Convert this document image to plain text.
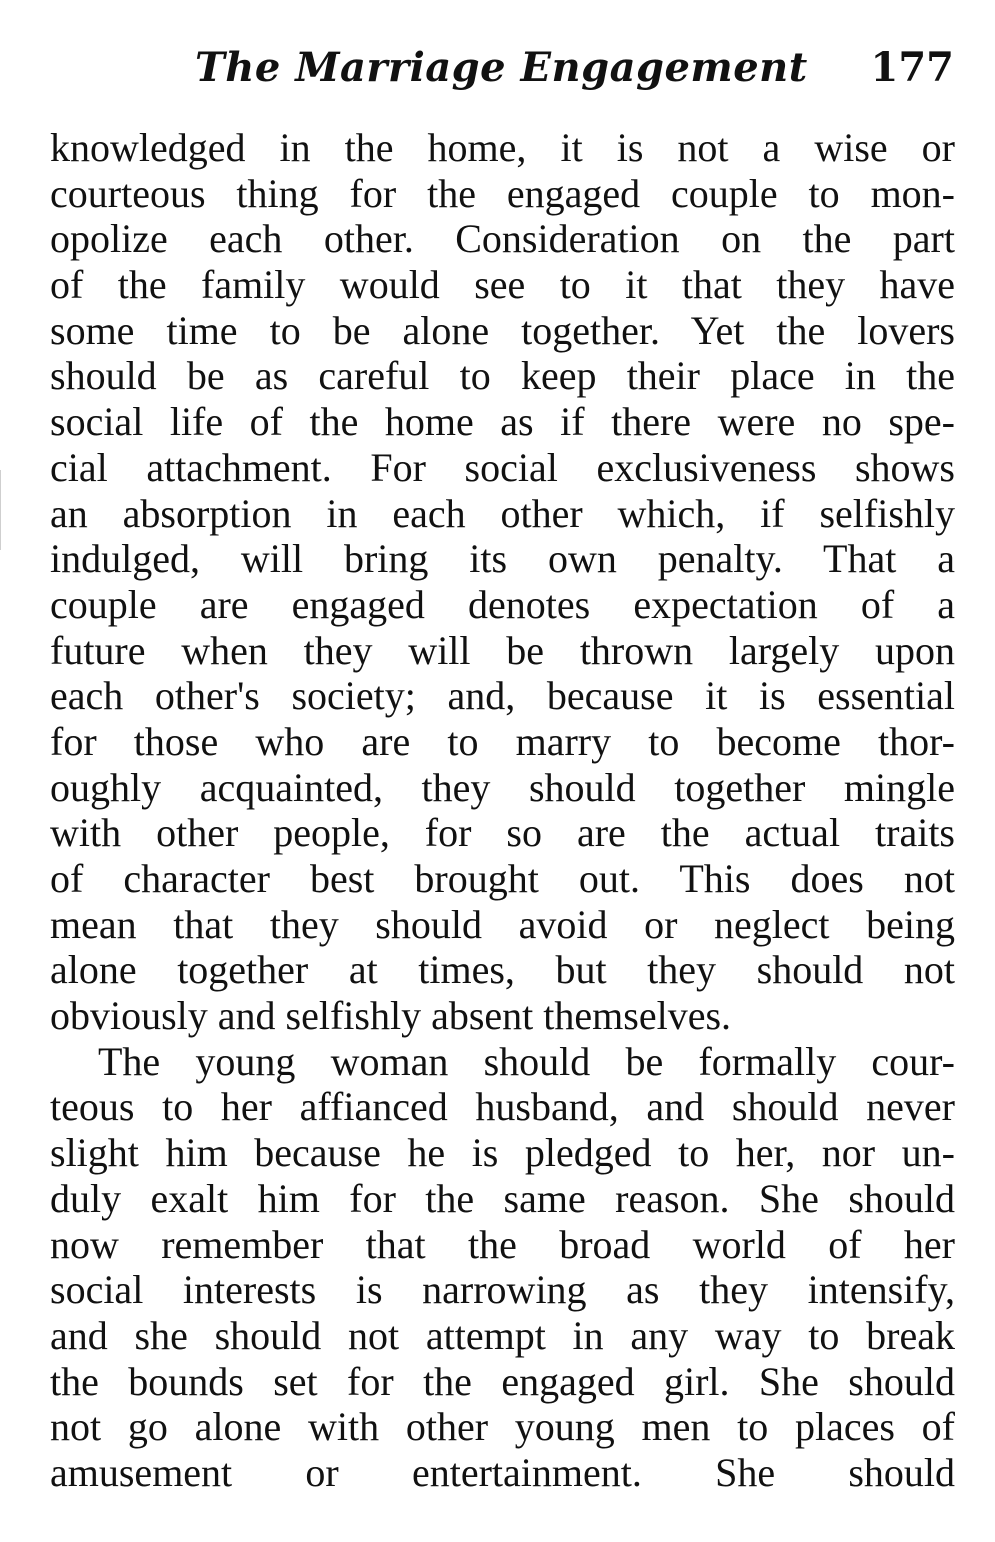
The Marriage Engagement 177
knowledged in the home, it is not a wise or
courteous thing for the engaged couple to mon-
opolize each other. Consideration on the part
of the family would see to it that they have
some time to be alone together. Yet the lovers
should be as careful to keep their place in the
social life of the home as if there were no spe-
cial attachment. For social exclusiveness shows
an absorption in each other which, if selfishly
indulged, will bring its own penalty. That a
couple are engaged denotes expectation of a
future when they will be thrown largely upon
each other's society; and, because it is essential
for those who are to marry to become thor-
oughly acquainted, they should together mingle
with other people, for so are the actual traits
of character best brought out. This does not
mean that they should avoid or neglect being
alone together at times, but they should not
obviously and selfishly absent themselves.
The young woman should be formally cour-
teous to her affianced husband, and should never
slight him because he is pledged to her, nor un-
duly exalt him for the same reason. She should
now remember that the broad world of her
social interests is narrowing as they intensify,
and she should not attempt in any way to break
the bounds set for the engaged girl. She should
not go alone with other young men to places of
amusement or entertainment. She should
